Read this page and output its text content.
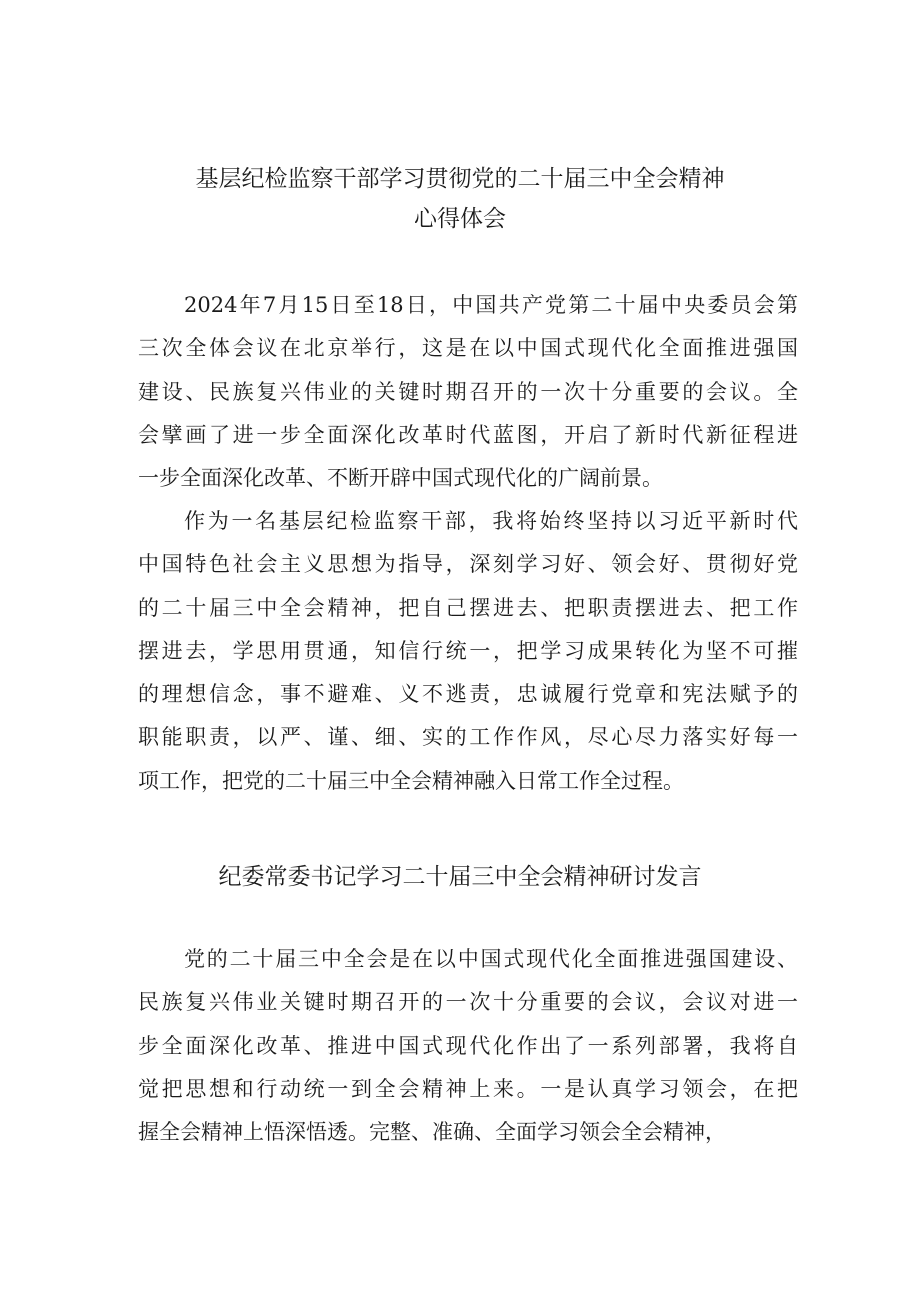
基层纪检监察干部学习贯彻党的二十届三中全会精神
心得体会
2024年7月15日至18日，中国共产党第二十届中央委员会第
三次全体会议在北京举行，这是在以中国式现代化全面推进强国
建设、民族复兴伟业的关键时期召开的一次十分重要的会议。全
会擘画了进一步全面深化改革时代蓝图，开启了新时代新征程进
一步全面深化改革、不断开辟中国式现代化的广阔前景。
作为一名基层纪检监察干部，我将始终坚持以习近平新时代
中国特色社会主义思想为指导，深刻学习好、领会好、贯彻好党
的二十届三中全会精神，把自己摆进去、把职责摆进去、把工作
摆进去，学思用贯通，知信行统一，把学习成果转化为坚不可摧
的理想信念，事不避难、义不逃责，忠诚履行党章和宪法赋予的
职能职责，以严、谨、细、实的工作作风，尽心尽力落实好每一
项工作，把党的二十届三中全会精神融入日常工作全过程。
纪委常委书记学习二十届三中全会精神研讨发言
党的二十届三中全会是在以中国式现代化全面推进强国建设、
民族复兴伟业关键时期召开的一次十分重要的会议，会议对进一
步全面深化改革、推进中国式现代化作出了一系列部署，我将自
觉把思想和行动统一到全会精神上来。一是认真学习领会，在把
握全会精神上悟深悟透。完整、准确、全面学习领会全会精神，
